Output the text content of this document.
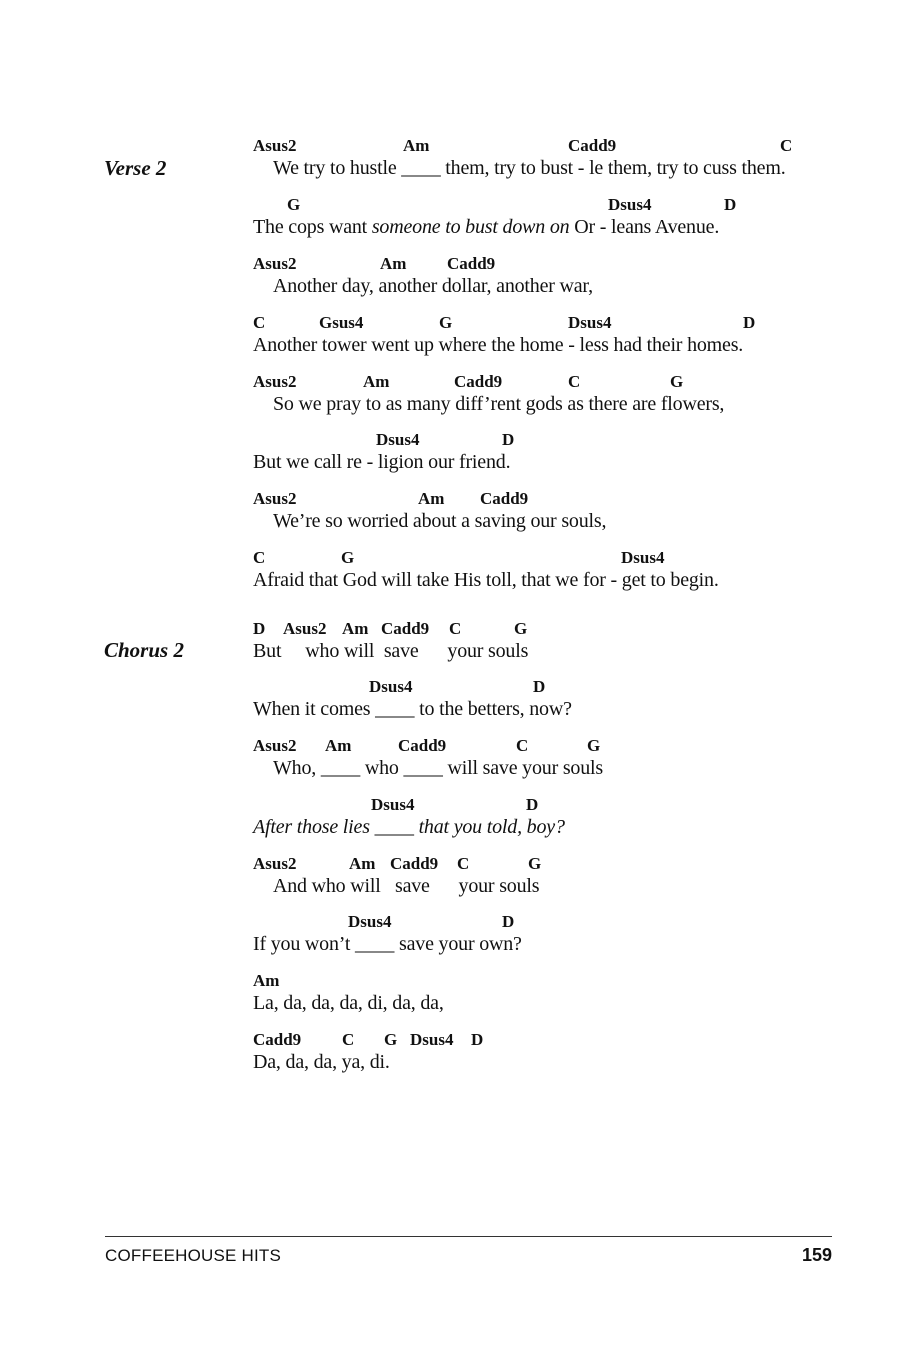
Verse 2
Chorus 2
Asus2	Am	Cadd9	C
We try to hustle ____ them, try to bust - le them, try to cuss them.
G	Dsus4	D
The cops want someone to bust down on Or - leans Avenue.
Asus2	Am Cadd9
Another day, another dollar, another war,
C	Gsus4	G	Dsus4	D
Another tower went up where the home - less had their homes.
Asus2	Am	Cadd9	C	G
So we pray to as many diff’rent gods as there are flowers,
Dsus4	D
But we call re - ligion our friend.
Asus2	Am Cadd9
We’re so worried about a saving our souls,
C	G	Dsus4
Afraid that God will take His toll, that we for - get to begin.
D Asus2 Am Cadd9 C	G
But     who will  save      your souls
Dsus4	D
When it comes ____ to the betters, now?
Asus2 Am	Cadd9	C	G
Who, ____ who ____ will save your souls
Dsus4	D
After those lies ____ that you told, boy?
Asus2	Am Cadd9 C	G
And who will   save      your souls
Dsus4	D
If you won’t ____ save your own?
Am
La, da, da, da, di, da, da,
Cadd9 C G Dsus4 D
Da, da, da, ya, di.
COFFEEHOUSE HITS	159
